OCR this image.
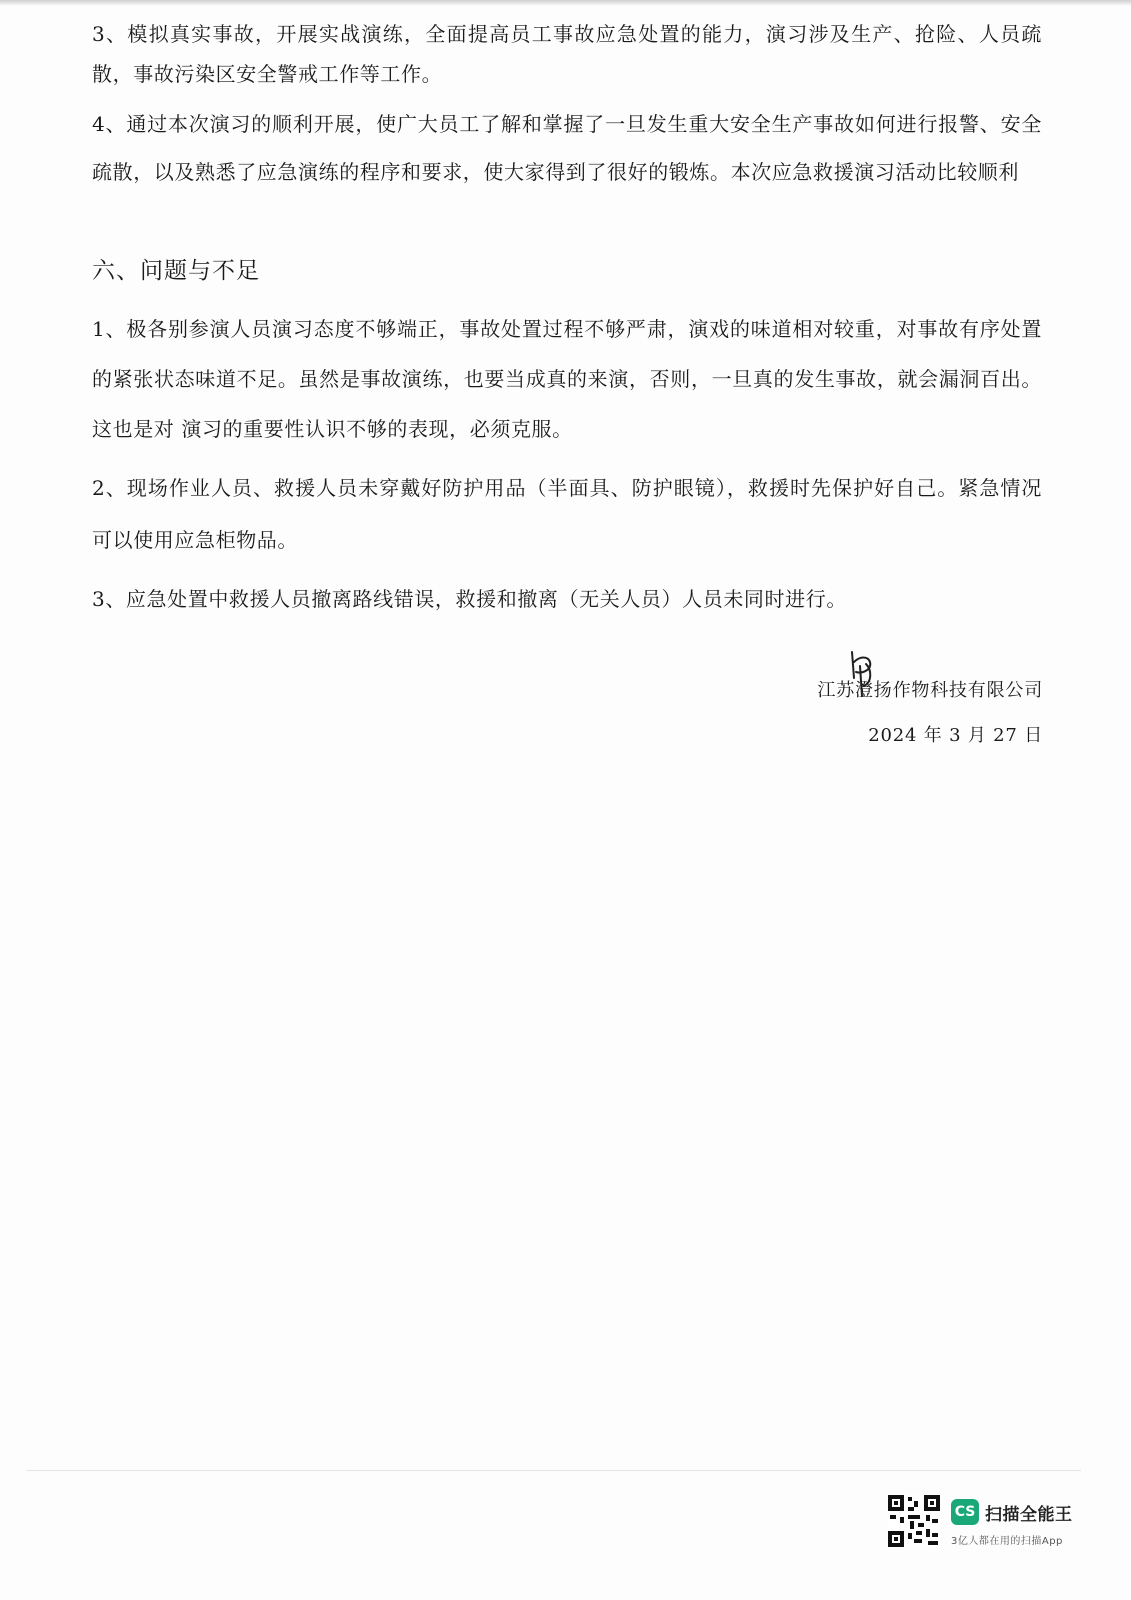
3、模拟真实事故，开展实战演练，全面提高员工事故应急处置的能力，演习涉及生产、抢险、人员疏散，事故污染区安全警戒工作等工作。

4、通过本次演习的顺利开展，使广大员工了解和掌握了一旦发生重大安全生产事故如何进行报警、安全疏散，以及熟悉了应急演练的程序和要求，使大家得到了很好的锻炼。本次应急救援演习活动比较顺利

六、问题与不足

1、极各别参演人员演习态度不够端正，事故处置过程不够严肃，演戏的味道相对较重，对事故有序处置的紧张状态味道不足。虽然是事故演练，也要当成真的来演，否则，一旦真的发生事故，就会漏洞百出。这也是对 演习的重要性认识不够的表现，必须克服。

2、现场作业人员、救援人员未穿戴好防护用品（半面具、防护眼镜），救援时先保护好自己。紧急情况可以使用应急柜物品。

3、应急处置中救援人员撤离路线错误，救援和撤离（无关人员）人员未同时进行。

江苏澄扬作物科技有限公司

2024 年 3 月 27 日

CS 扫描全能王
3亿人都在用的扫描App
